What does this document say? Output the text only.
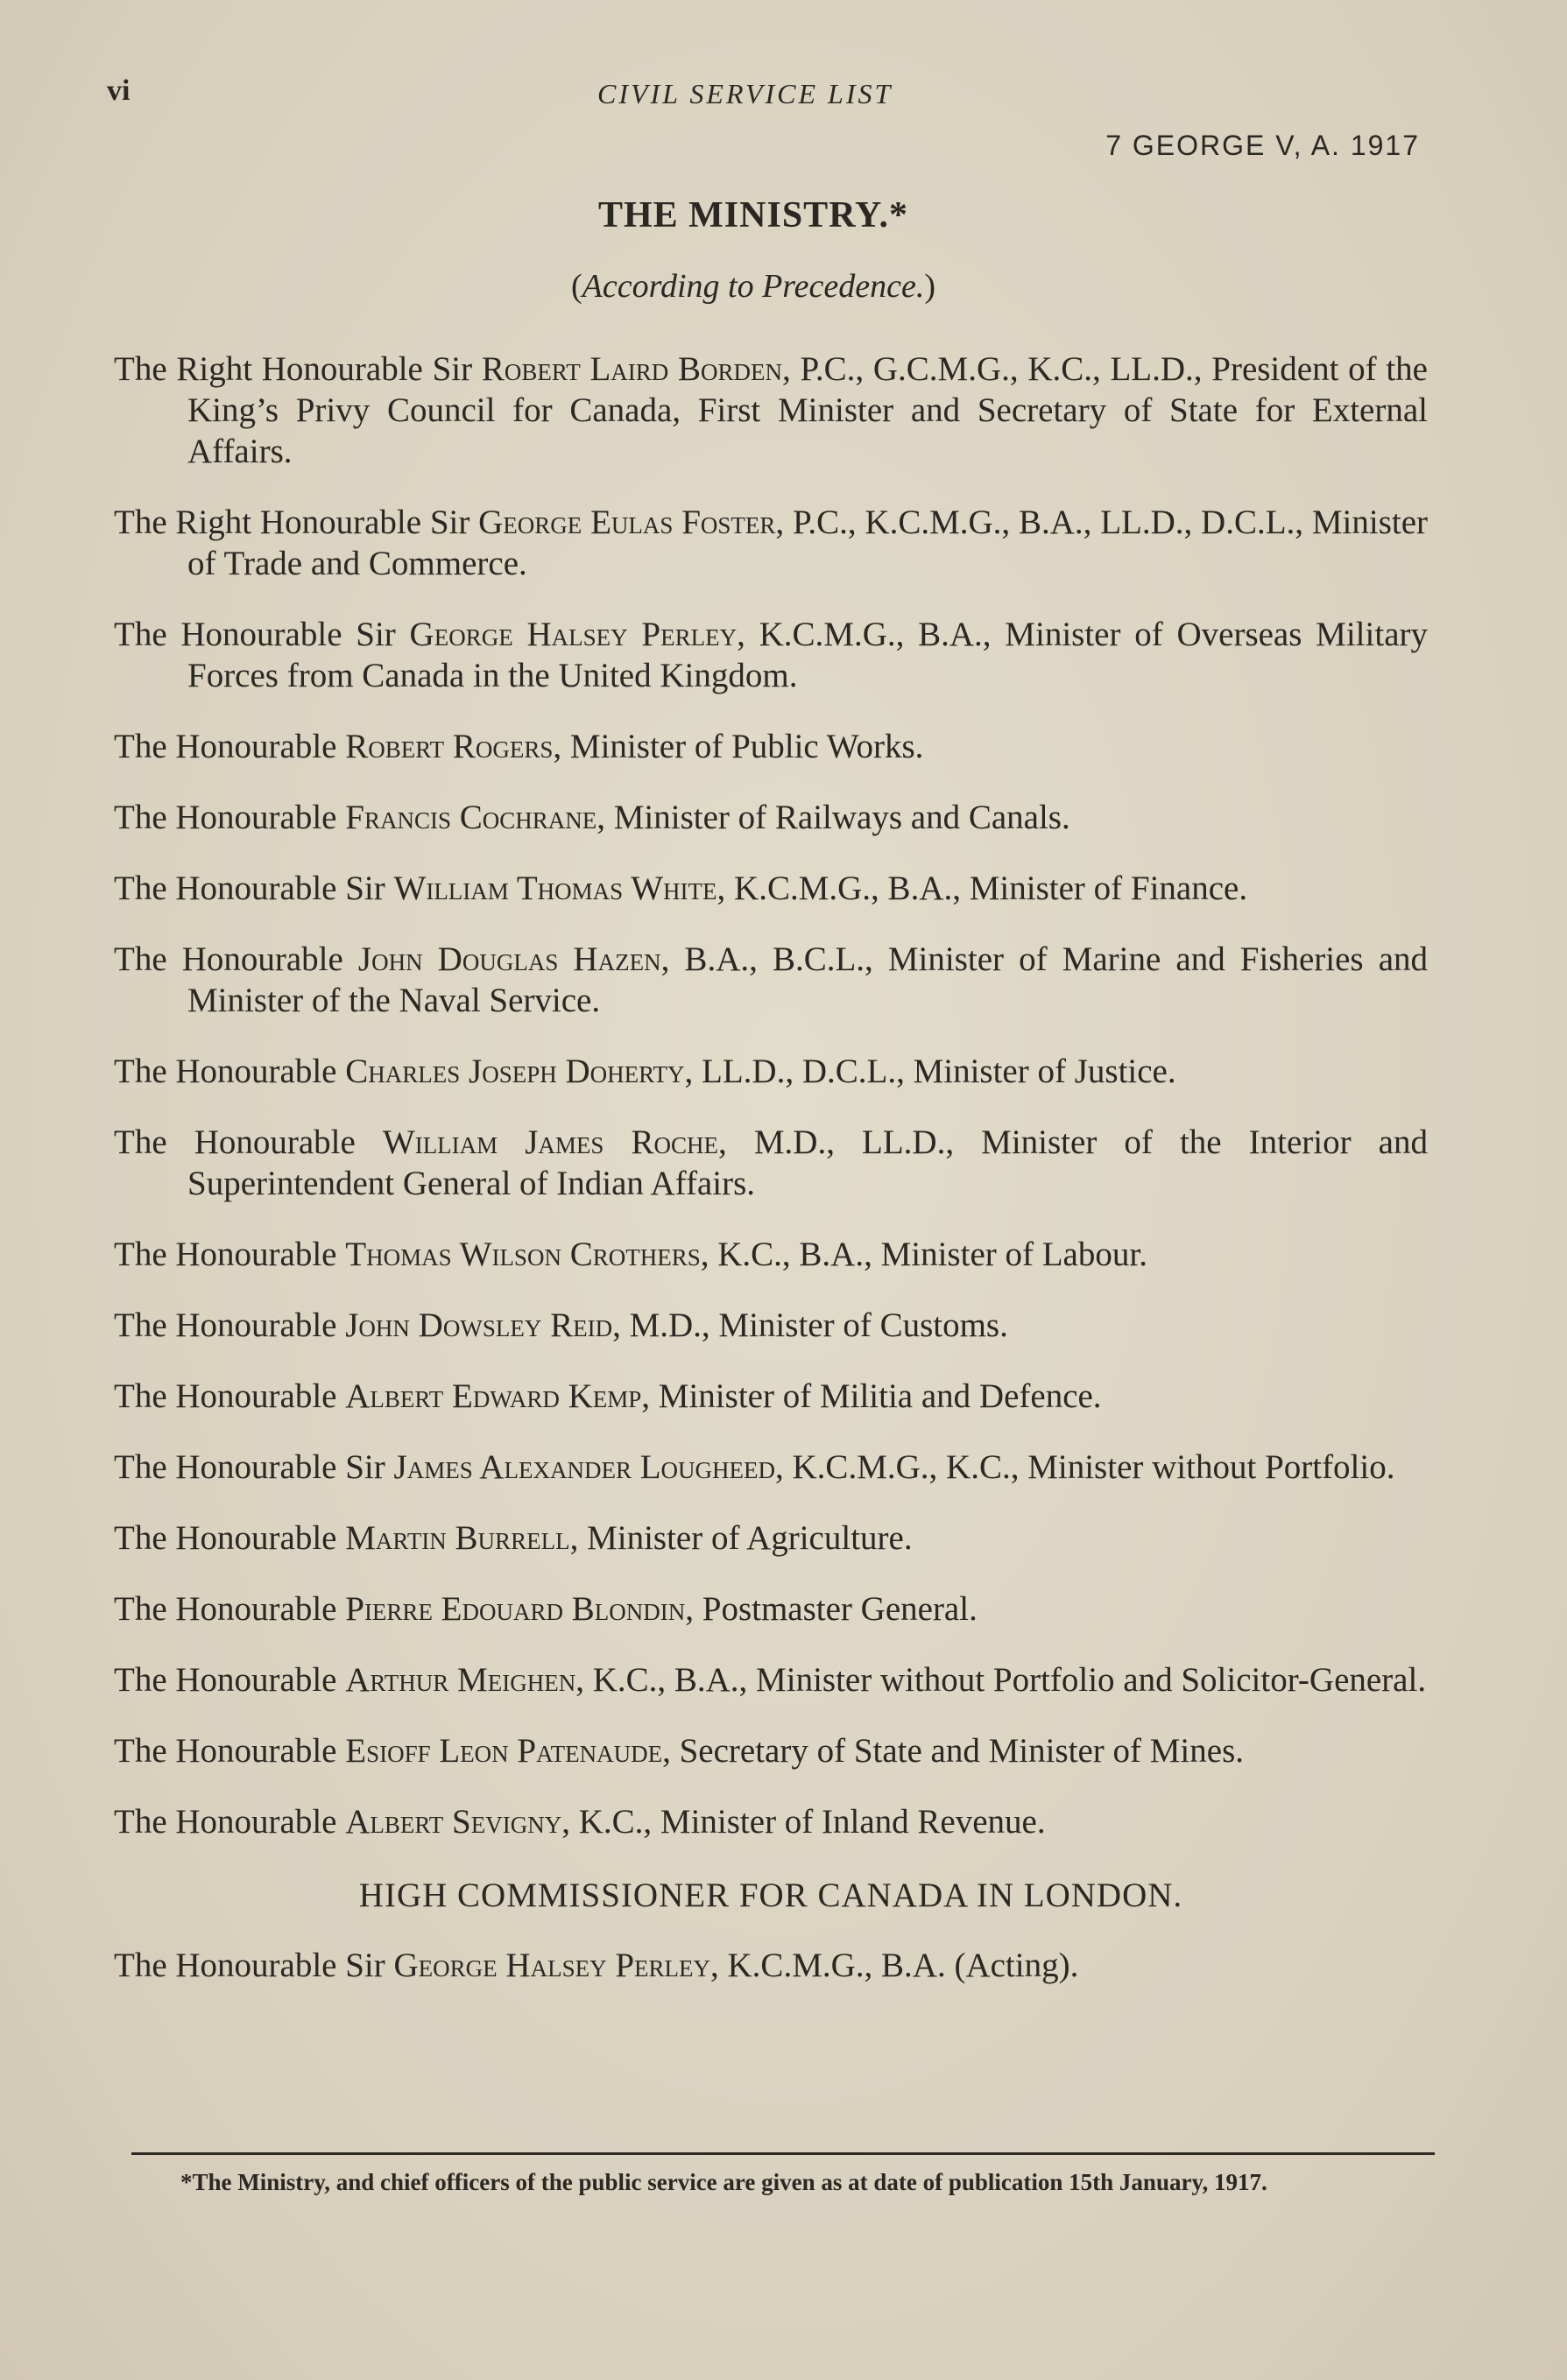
vi	CIVIL SERVICE LIST
7 GEORGE V, A. 1917
THE MINISTRY.*
(According to Precedence.)

The Right Honourable Sir Robert Laird Borden, P.C., G.C.M.G., K.C., LL.D., President of the King’s Privy Council for Canada, First Minister and Secretary of State for External Affairs.

The Right Honourable Sir George Eulas Foster, P.C., K.C.M.G., B.A., LL.D., D.C.L., Minister of Trade and Commerce.

The Honourable Sir George Halsey Perley, K.C.M.G., B.A., Minister of Overseas Military Forces from Canada in the United Kingdom.

The Honourable Robert Rogers, Minister of Public Works.

The Honourable Francis Cochrane, Minister of Railways and Canals.

The Honourable Sir William Thomas White, K.C.M.G., B.A., Minister of Finance.

The Honourable John Douglas Hazen, B.A., B.C.L., Minister of Marine and Fisheries and Minister of the Naval Service.

The Honourable Charles Joseph Doherty, LL.D., D.C.L., Minister of Justice.

The Honourable William James Roche, M.D., LL.D., Minister of the Interior and Superintendent General of Indian Affairs.

The Honourable Thomas Wilson Crothers, K.C., B.A., Minister of Labour.

The Honourable John Dowsley Reid, M.D., Minister of Customs.

The Honourable Albert Edward Kemp, Minister of Militia and Defence.

The Honourable Sir James Alexander Lougheed, K.C.M.G., K.C., Minister without Portfolio.

The Honourable Martin Burrell, Minister of Agriculture.

The Honourable Pierre Edouard Blondin, Postmaster General.

The Honourable Arthur Meighen, K.C., B.A., Minister without Portfolio and Solicitor-General.

The Honourable Esioff Leon Patenaude, Secretary of State and Minister of Mines.

The Honourable Albert Sevigny, K.C., Minister of Inland Revenue.

HIGH COMMISSIONER FOR CANADA IN LONDON.

The Honourable Sir George Halsey Perley, K.C.M.G., B.A. (Acting).

*The Ministry, and chief officers of the public service are given as at date of publication 15th January, 1917.
